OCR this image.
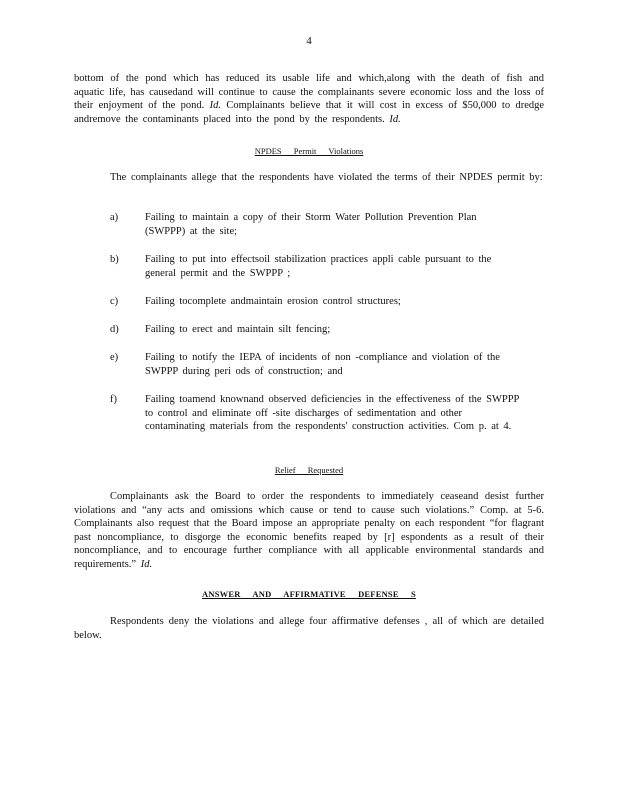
4

bottom of the pond which has reduced its usable life and which,along with the death of fish and aquatic life, has causedand will continue to cause the complainants severe economic loss and the loss of their enjoyment of the pond. Id. Complainants believe that it will cost in excess of $50,000 to dredge andremove the contaminants placed into the pond by the respondents. Id.

NPDES Permit Violations

The complainants allege that the respondents have violated the terms of their NPDES permit by:

a)	Failing to maintain a copy of their Storm Water Pollution Prevention Plan (SWPPP) at the site;
b)	Failing to put into effectsoil stabilization practices appli cable pursuant to the general permit and the SWPPP ;
c)	Failing tocomplete andmaintain erosion control structures;
d)	Failing to erect and maintain silt fencing;
e)	Failing to notify the IEPA of incidents of non -compliance and violation of the SWPPP during peri ods of construction; and
f)	Failing toamend knownand observed deficiencies in the effectiveness of the SWPPP to control and eliminate off -site discharges of sedimentation and other contaminating materials from the respondents' construction activities. Com p. at 4.
Relief Requested

Complainants ask the Board to order the respondents to immediately ceaseand desist further violations and “any acts and omissions which cause or tend to cause such violations.” Comp. at 5-6. Complainants also request that the Board impose an appropriate penalty on each respondent “for flagrant past noncompliance, to disgorge the economic benefits reaped by [r] espondents as a result of their noncompliance, and to encourage further compliance with all applicable environmental standards and requirements.” Id.

ANSWER AND AFFIRMATIVE DEFENSE S

Respondents deny the violations and allege four affirmative defenses , all of which are detailed below.
